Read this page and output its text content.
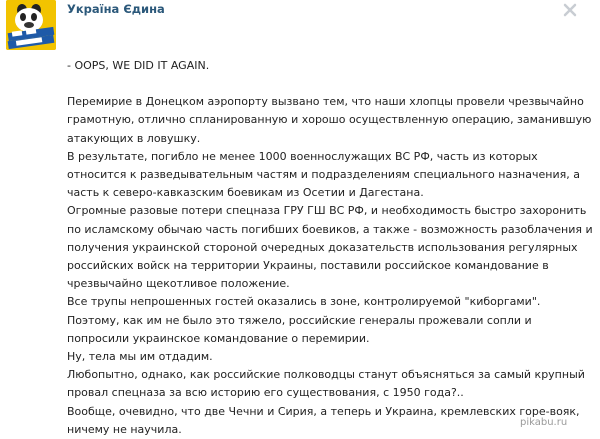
Україна Єдина

- OOPS, WE DID IT AGAIN.

Перемирие в Донецком аэропорту вызвано тем, что наши хлопцы провели чрезвычайно грамотную, отлично спланированную и хорошо осуществленную операцию, заманившую атакующих в ловушку.

В результате, погибло не менее 1000 военнослужащих ВС РФ, часть из которых относится к разведывательным частям и подразделениям специального назначения, а часть к северо-кавказским боевикам из Осетии и Дагестана.

Огромные разовые потери спецназа ГРУ ГШ ВС РФ, и необходимость быстро захоронить по исламскому обычаю часть погибших боевиков, а также - возможность разоблачения и получения украинской стороной очередных доказательств использования регулярных российских войск на территории Украины, поставили российское командование в чрезвычайно щекотливое положение.

Все трупы непрошенных гостей оказались в зоне, контролируемой "киборгами".

Поэтому, как им не было это тяжело, российские генералы прожевали сопли и попросили украинское командование о перемирии.

Ну, тела мы им отдадим.

Любопытно, однако, как российские полководцы станут объясняться за самый крупный провал спецназа за всю историю его существования, с 1950 года?..

Вообще, очевидно, что две Чечни и Сирия, а теперь и Украина, кремлевских горе-вояк, ничему не научила.

pikabu.ru
